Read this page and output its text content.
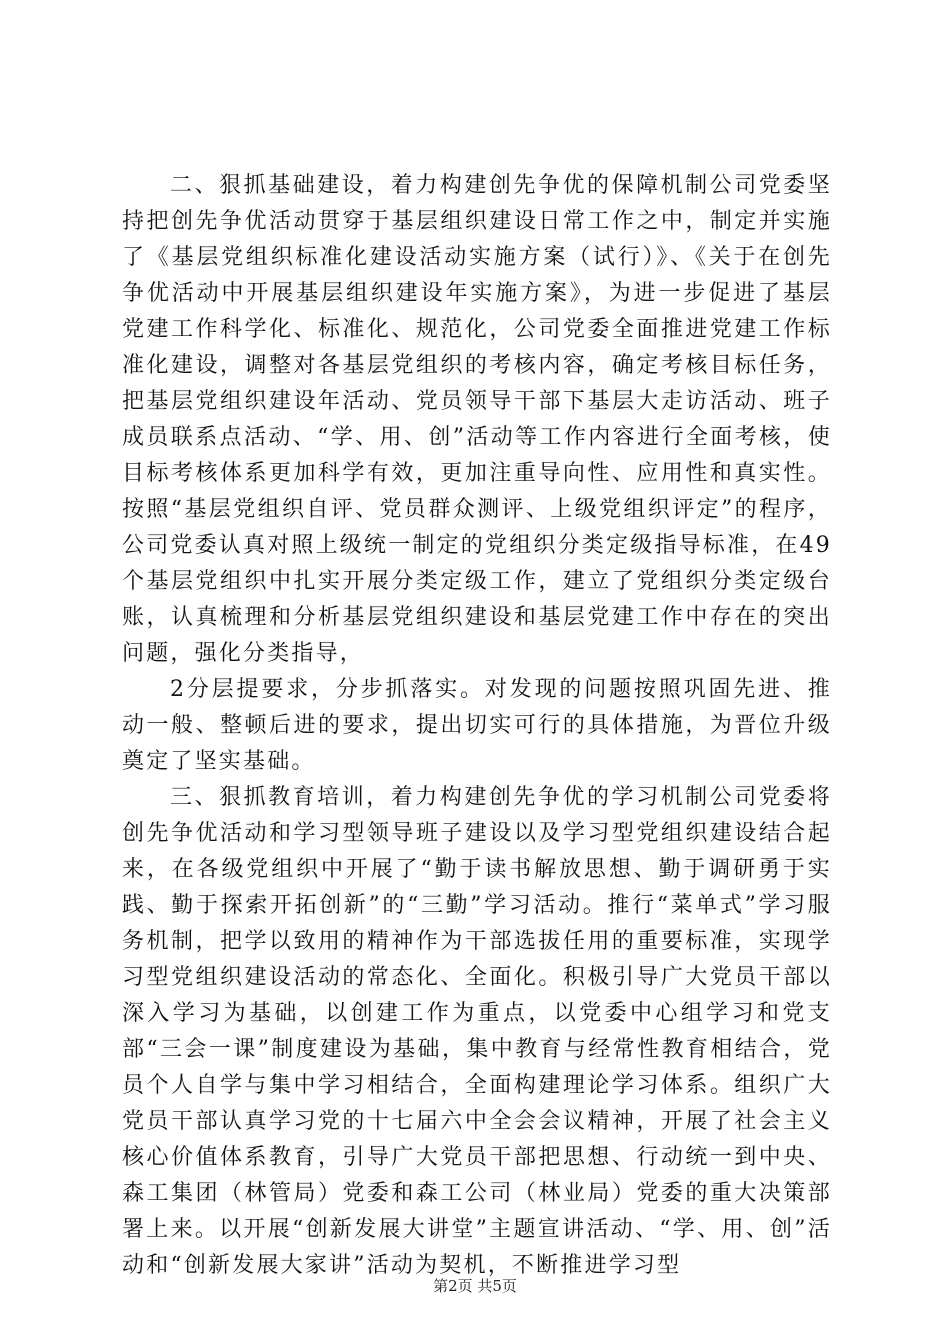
二、狠抓基础建设，着力构建创先争优的保障机制公司党委坚持把创先争优活动贯穿于基层组织建设日常工作之中，制定并实施了《基层党组织标准化建设活动实施方案（试行）》、《关于在创先争优活动中开展基层组织建设年实施方案》，为进一步促进了基层党建工作科学化、标准化、规范化，公司党委全面推进党建工作标准化建设，调整对各基层党组织的考核内容，确定考核目标任务，把基层党组织建设年活动、党员领导干部下基层大走访活动、班子成员联系点活动、“学、用、创”活动等工作内容进行全面考核，使目标考核体系更加科学有效，更加注重导向性、应用性和真实性。按照“基层党组织自评、党员群众测评、上级党组织评定”的程序，公司党委认真对照上级统一制定的党组织分类定级指导标准，在49个基层党组织中扎实开展分类定级工作，建立了党组织分类定级台账，认真梳理和分析基层党组织建设和基层党建工作中存在的突出问题，强化分类指导，

2分层提要求，分步抓落实。对发现的问题按照巩固先进、推动一般、整顿后进的要求，提出切实可行的具体措施，为晋位升级奠定了坚实基础。

三、狠抓教育培训，着力构建创先争优的学习机制公司党委将创先争优活动和学习型领导班子建设以及学习型党组织建设结合起来，在各级党组织中开展了“勤于读书解放思想、勤于调研勇于实践、勤于探索开拓创新”的“三勤”学习活动。推行“菜单式”学习服务机制，把学以致用的精神作为干部选拔任用的重要标准，实现学习型党组织建设活动的常态化、全面化。积极引导广大党员干部以深入学习为基础，以创建工作为重点，以党委中心组学习和党支部“三会一课”制度建设为基础，集中教育与经常性教育相结合，党员个人自学与集中学习相结合，全面构建理论学习体系。组织广大党员干部认真学习党的十七届六中全会会议精神，开展了社会主义核心价值体系教育，引导广大党员干部把思想、行动统一到中央、森工集团（林管局）党委和森工公司（林业局）党委的重大决策部署上来。以开展“创新发展大讲堂”主题宣讲活动、“学、用、创”活动和“创新发展大家讲”活动为契机，不断推进学习型

第2页 共5页
